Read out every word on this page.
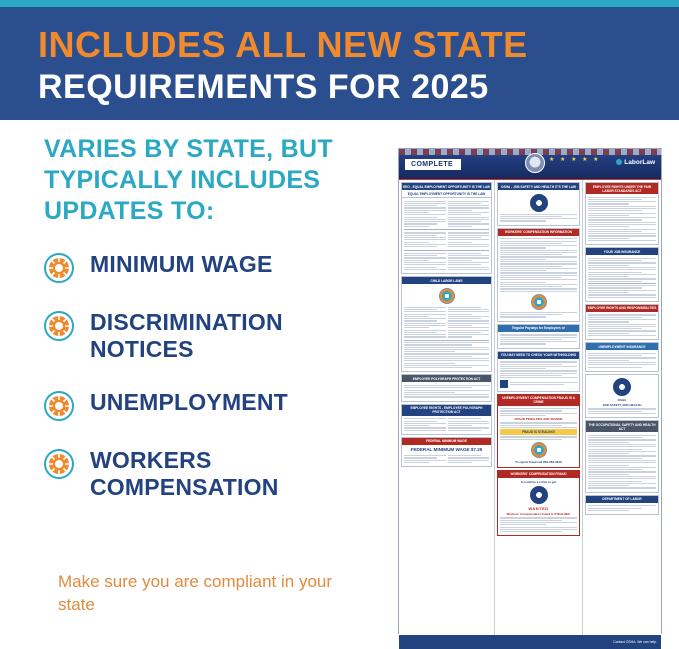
INCLUDES ALL NEW STATE
REQUIREMENTS FOR 2025
VARIES BY STATE, BUT TYPICALLY INCLUDES UPDATES TO:
MINIMUM WAGE
DISCRIMINATION NOTICES
UNEMPLOYMENT
WORKERS COMPENSATION
Make sure you are compliant in your state
COMPLETE
★ ★ ★ ★ ★	LaborLaw
EEO - EQUAL EMPLOYMENT OPPORTUNITY IS THE LAW
EQUAL EMPLOYMENT OPPORTUNITY IS THE LAW
CHILD LABOR LAWS
EMPLOYEE POLYGRAPH PROTECTION ACT
EMPLOYEE RIGHTS - EMPLOYEE POLYGRAPH PROTECTION ACT
FEDERAL MINIMUM WAGE
FEDERAL MINIMUM WAGE $7.25
OSHA - JOB SAFETY AND HEALTH IT'S THE LAW
WORKERS' COMPENSATION INFORMATION
Regular Paydays for Employees of
YOU MAY NEED TO CHECK YOUR WITHHOLDING
UNEMPLOYMENT COMPENSATION FRAUD IS A CRIME
FRAUD PENALTIES ARE SEVERE
FRAUD IS STEALING!
To report fraud call 800-282-0819
WORKERS' COMPENSATION FRAUD
It could be a crime to get
WANTED
Workers' Compensation Fraud is STEALING!
EMPLOYEE RIGHTS UNDER THE FAIR LABOR STANDARDS ACT
YOUR JOB INSURANCE
EMPLOYEE RIGHTS AND RESPONSIBILITIES
UNEMPLOYMENT INSURANCE
OSHA
JOB SAFETY AND HEALTH
THE OCCUPATIONAL SAFETY AND HEALTH ACT
DEPARTMENT OF LABOR
Contact OSHA. We can help.
